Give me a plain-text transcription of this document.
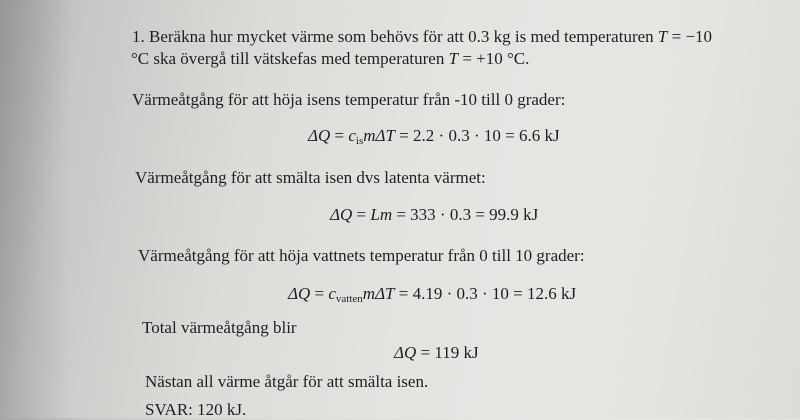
1. Beräkna hur mycket värme som behövs för att 0.3 kg is med temperaturen T = −10
°C ska övergå till vätskefas med temperaturen T = +10 °C.
Värmeåtgång för att höja isens temperatur från -10 till 0 grader:
$\Delta Q = c_{is}m\Delta T = 2.2 \cdot 0.3 \cdot 10 = 6.6$ kJ
Värmeåtgång för att smälta isen dvs latenta värmet:
ΔQ = Lm = 333 · 0.3 = 99.9 kJ
Värmeåtgång för att höja vattnets temperatur från 0 till 10 grader:
$\Delta Q = c_{vatten}m\Delta T = 4.19 \cdot 0.3 \cdot 10 = 12.6$ kJ
Total värmeåtgång blir
ΔQ = 119 kJ
Nästan all värme åtgår för att smälta isen.
SVAR: 120 kJ.
